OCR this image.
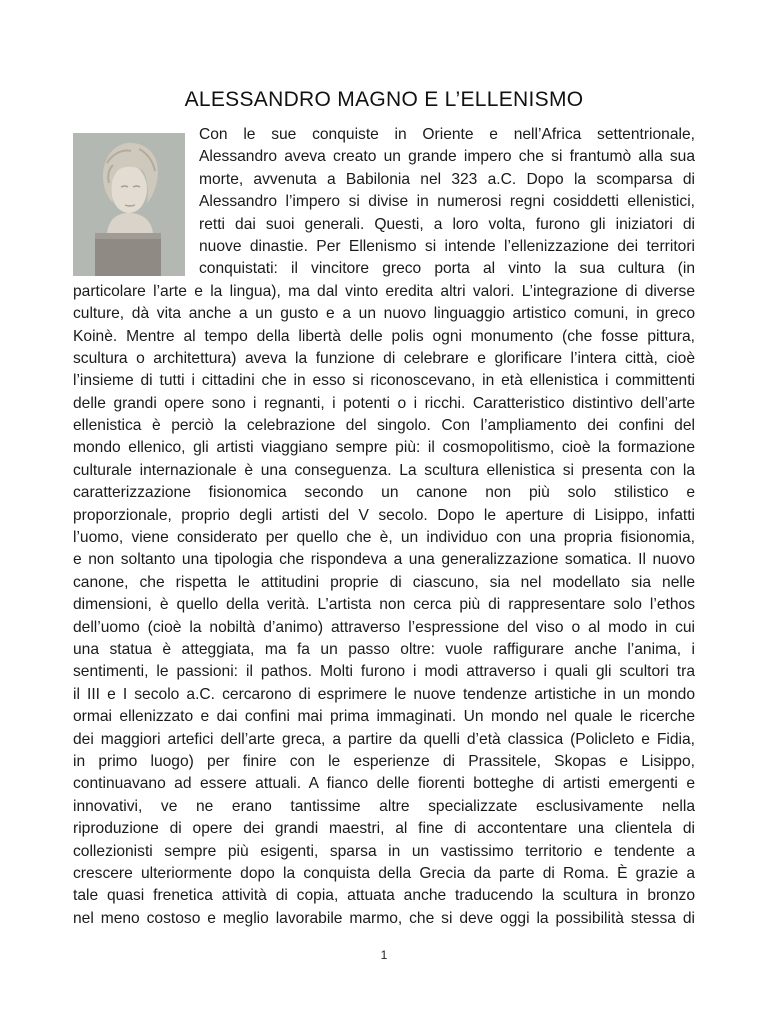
ALESSANDRO MAGNO E L’ELLENISMO
Con le sue conquiste in Oriente e nell’Africa settentrionale,
Alessandro aveva creato un grande impero che si frantumò alla sua
morte, avvenuta a Babilonia nel 323 a.C. Dopo la scomparsa di
Alessandro l’impero si divise in numerosi regni cosiddetti ellenistici,
retti dai suoi generali. Questi, a loro volta, furono gli iniziatori di
nuove dinastie. Per Ellenismo si intende l’ellenizzazione dei territori
conquistati: il vincitore greco porta al vinto la sua cultura (in
particolare l’arte e la lingua), ma dal vinto eredita altri valori. L’integrazione di diverse
culture, dà vita anche a un gusto e a un nuovo linguaggio artistico comuni, in greco
Koinè. Mentre al tempo della libertà delle polis ogni monumento (che fosse pittura,
scultura o architettura) aveva la funzione di celebrare e glorificare l’intera città, cioè
l’insieme di tutti i cittadini che in esso si riconoscevano, in età ellenistica i committenti
delle grandi opere sono i regnanti, i potenti o i ricchi. Caratteristico distintivo dell’arte
ellenistica è perciò la celebrazione del singolo. Con l’ampliamento dei confini del
mondo ellenico, gli artisti viaggiano sempre più: il cosmopolitismo, cioè la formazione
culturale internazionale è una conseguenza. La scultura ellenistica si presenta con la
caratterizzazione fisionomica secondo un canone non più solo stilistico e
proporzionale, proprio degli artisti del V secolo. Dopo le aperture di Lisippo, infatti
l’uomo, viene considerato per quello che è, un individuo con una propria fisionomia,
e non soltanto una tipologia che rispondeva a una generalizzazione somatica. Il nuovo
canone, che rispetta le attitudini proprie di ciascuno, sia nel modellato sia nelle
dimensioni, è quello della verità. L’artista non cerca più di rappresentare solo l’ethos
dell’uomo (cioè la nobiltà d’animo) attraverso l’espressione del viso o al modo in cui
una statua è atteggiata, ma fa un passo oltre: vuole raffigurare anche l’anima, i
sentimenti, le passioni: il pathos. Molti furono i modi attraverso i quali gli scultori tra
il III e I secolo a.C. cercarono di esprimere le nuove tendenze artistiche in un mondo
ormai ellenizzato e dai confini mai prima immaginati. Un mondo nel quale le ricerche
dei maggiori artefici dell’arte greca, a partire da quelli d’età classica (Policleto e Fidia,
in primo luogo) per finire con le esperienze di Prassitele, Skopas e Lisippo,
continuavano ad essere attuali. A fianco delle fiorenti botteghe di artisti emergenti e
innovativi, ve ne erano tantissime altre specializzate esclusivamente nella
riproduzione di opere dei grandi maestri, al fine di accontentare una clientela di
collezionisti sempre più esigenti, sparsa in un vastissimo territorio e tendente a
crescere ulteriormente dopo la conquista della Grecia da parte di Roma. È grazie a
tale quasi frenetica attività di copia, attuata anche traducendo la scultura in bronzo
nel meno costoso e meglio lavorabile marmo, che si deve oggi la possibilità stessa di
1
